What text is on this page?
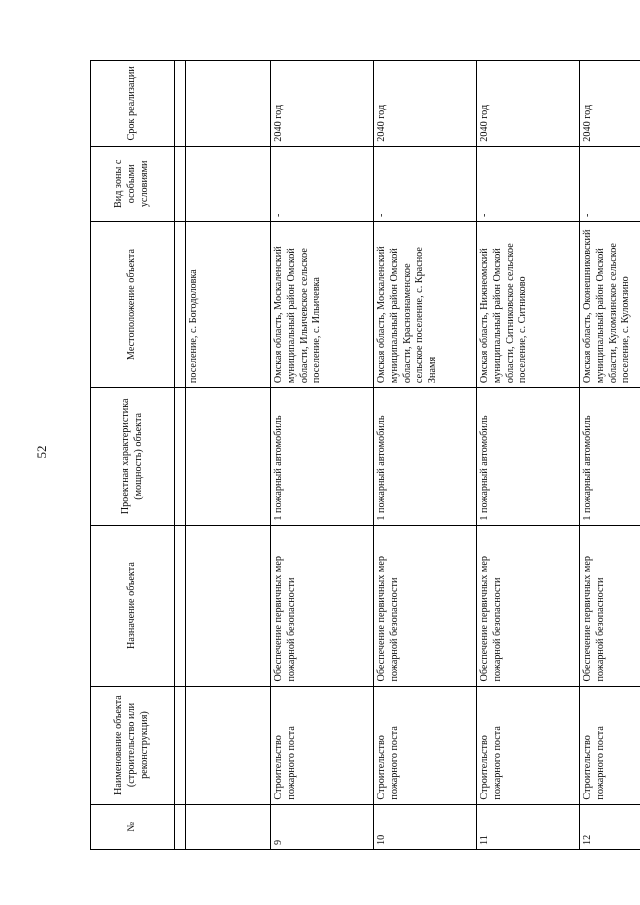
52
№	Наименование объекта (строительство или реконструкция)	Назначение объекта	Проектная характеристика (мощность) объекта	Местоположение объекта	Вид зоны с особыми условиями	Срок реализации

				поселение, с. Богодоловка		
9	Строительство пожарного поста	Обеспечение первичных мер пожарной безопасности	1 пожарный автомобиль	Омская область, Москаленский муниципальный район Омской области, Ильичевское сельское поселение, с. Ильичевка	-	2040 год
10	Строительство пожарного поста	Обеспечение первичных мер пожарной безопасности	1 пожарный автомобиль	Омская область, Москаленский муниципальный район Омской области, Краснознаменское сельское поселение, с. Красное Знамя	-	2040 год
11	Строительство пожарного поста	Обеспечение первичных мер пожарной безопасности	1 пожарный автомобиль	Омская область, Нижнеомский муниципальный район Омской области, Ситниковское сельское поселение, с. Ситниково	-	2040 год
12	Строительство пожарного поста	Обеспечение первичных мер пожарной безопасности	1 пожарный автомобиль	Омская область, Оконешниковский муниципальный район Омской области, Куломзинское сельское поселение, с. Куломзино	-	2040 год
